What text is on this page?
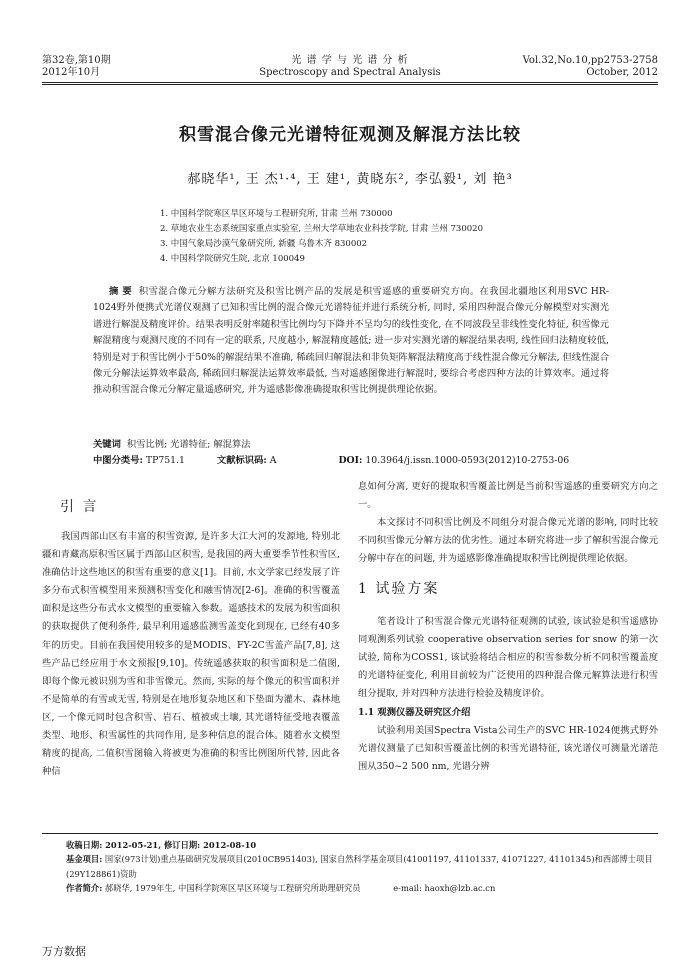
第32卷,第10期
2012年10月
光 谱 学 与 光 谱 分 析
Spectroscopy and Spectral Analysis
Vol.32,No.10,pp2753-2758
October, 2012
积雪混合像元光谱特征观测及解混方法比较
郝晓华¹, 王 杰¹·⁴, 王 建¹, 黄晓东², 李弘毅¹, 刘 艳³
1. 中国科学院寒区旱区环境与工程研究所, 甘肃 兰州 730000
2. 草地农业生态系统国家重点实验室, 兰州大学草地农业科技学院, 甘肃 兰州 730020
3. 中国气象局沙漠气象研究所, 新疆 乌鲁木齐 830002
4. 中国科学院研究生院, 北京 100049
摘 要 积雪混合像元分解方法研究及积雪比例产品的发展是积雪遥感的重要研究方向。在我国北疆地区利用SVC HR-1024野外便携式光谱仪观测了已知积雪比例的混合像元光谱特征并进行系统分析, 同时, 采用四种混合像元分解模型对实测光谱进行解混及精度评价。结果表明反射率随积雪比例均匀下降并不呈均匀的线性变化, 在不同波段呈非线性变化特征, 积雪像元解混精度与观测尺度的不同有一定的联系, 尺度越小, 解混精度越低; 进一步对实测光谱的解混结果表明, 线性回归法精度较低, 特别是对于积雪比例小于50%的解混结果不准确, 稀疏回归解混法和非负矩阵解混法精度高于线性混合像元分解法, 但线性混合像元分解法运算效率最高, 稀疏回归解混法运算效率最低, 当对遥感图像进行解混时, 要综合考虑四种方法的计算效率。通过将推动积雪混合像元分解定量遥感研究, 并为遥感影像准确提取积雪比例提供理论依据。
关键词 积雪比例; 光谱特征; 解混算法
中图分类号: TP751.1	文献标识码: A	DOI: 10.3964/j.issn.1000-0593(2012)10-2753-06
引 言

我国西部山区有丰富的积雪资源, 是许多大江大河的发源地, 特别北疆和青藏高原积雪区属于西部山区积雪, 是我国的两大重要季节性积雪区, 准确估计这些地区的积雪有重要的意义[1]。目前, 水文学家已经发展了许多分布式积雪模型用来预测积雪变化和融雪情况[2-6]。准确的积雪覆盖面积是这些分布式水文模型的重要输入参数。遥感技术的发展为积雪面积的获取提供了便利条件, 最早利用遥感监测雪盖变化到现在, 已经有40多年的历史。目前在我国使用较多的是MODIS、FY-2C雪盖产品[7,8], 这些产品已经应用于水文预报[9,10]。传统遥感获取的积雪面积是二值图, 即每个像元被识别为雪和非雪像元。然而, 实际的每个像元的积雪面积并不是简单的有雪或无雪, 特别是在地形复杂地区和下垫面为灌木、森林地区, 一个像元同时包含积雪、岩石、植被或土壤, 其光谱特征受地表覆盖类型、地形、积雪属性的共同作用, 是多种信息的混合体。随着水文模型精度的提高, 二值积雪图输入将被更为准确的积雪比例图所代替, 因此各种信

息如何分离, 更好的提取积雪覆盖比例是当前积雪遥感的重要研究方向之一。

本文探讨不同积雪比例及不同组分对混合像元光谱的影响, 同时比较不同积雪像元分解方法的优劣性。通过本研究将进一步了解积雪混合像元分解中存在的问题, 并为遥感影像准确提取积雪比例提供理论依据。

1 试验方案

笔者设计了积雪混合像元光谱特征观测的试验, 该试验是积雪遥感协同观测系列试验 cooperative observation series for snow 的第一次试验, 简称为COSS1, 该试验将结合相应的积雪参数分析不同积雪覆盖度的光谱特征变化, 利用目前较为广泛使用的四种混合像元解算法进行积雪组分提取, 并对四种方法进行检验及精度评价。

1.1 观测仪器及研究区介绍

试验利用美国Spectra Vista公司生产的SVC HR-1024便携式野外光谱仪测量了已知积雪覆盖比例的积雪光谱特征, 该光谱仪可测量光谱范围从350~2 500 nm, 光谱分辨

收稿日期: 2012-05-21, 修订日期: 2012-08-10
基金项目: 国家(973计划)重点基础研究发展项目(2010CB951403), 国家自然科学基金项目(41001197, 41101337, 41071227, 41101345)和西部博士项目(29Y128861)资助
作者简介: 郝晓华, 1979年生, 中国科学院寒区旱区环境与工程研究所助理研究员	e-mail: haoxh@lzb.ac.cn
万方数据
